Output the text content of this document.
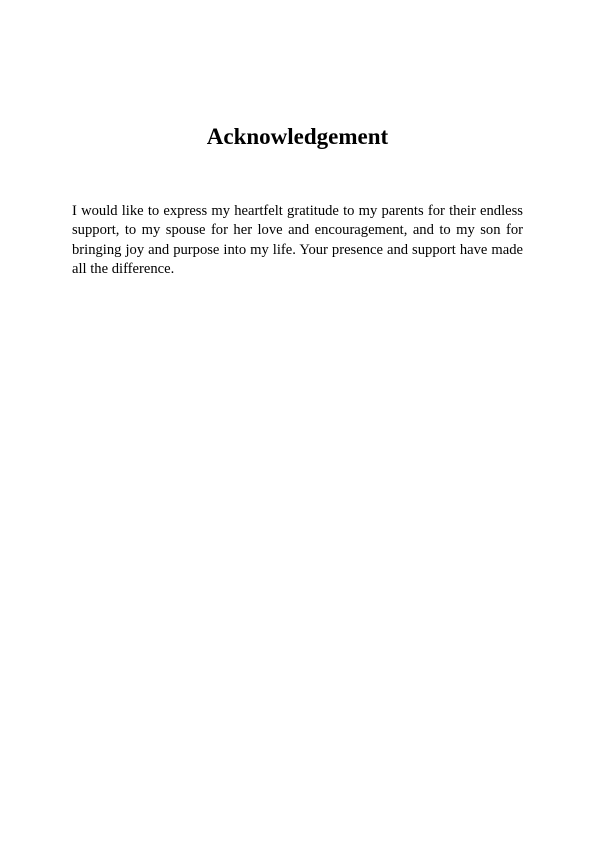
Acknowledgement

I would like to express my heartfelt gratitude to my parents for their endless support, to my spouse for her love and encouragement, and to my son for bringing joy and purpose into my life. Your presence and support have made all the difference.
